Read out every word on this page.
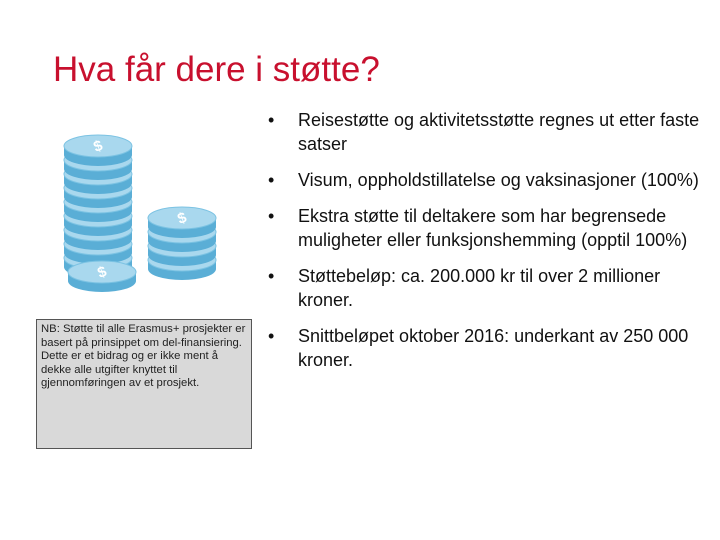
Hva får dere i støtte?
$
$
$
• Reisestøtte og aktivitetsstøtte regnes ut etter faste satser
• Visum, oppholdstillatelse og vaksinasjoner (100%)
• Ekstra støtte til deltakere som har begrensede muligheter eller funksjonshemming (opptil 100%)
• Støttebeløp: ca. 200.000 kr til over 2 millioner kroner.
• Snittbeløpet oktober 2016: underkant av 250 000 kroner.
NB: Støtte til alle Erasmus+ prosjekter er basert på prinsippet om del-finansiering. Dette er et bidrag og er ikke ment å dekke alle utgifter knyttet til gjennomføringen av et prosjekt.
